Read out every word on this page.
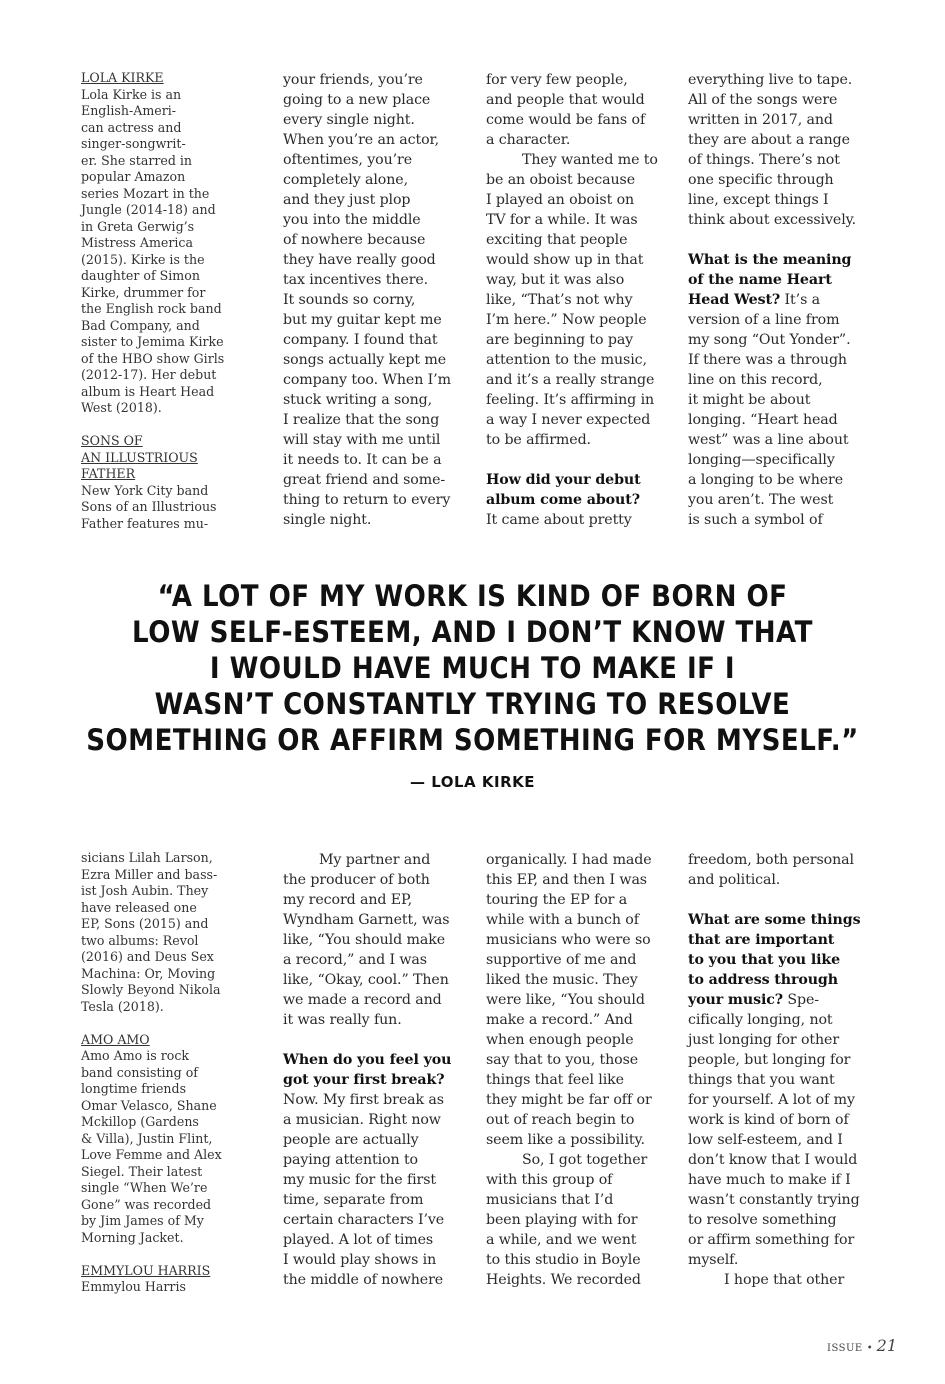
LOLA KIRKE

Lola Kirke is an

English-Ameri-

can actress and

singer-songwrit-

er. She starred in

popular Amazon

series Mozart in the

Jungle (2014-18) and

in Greta Gerwig’s

Mistress America

(2015). Kirke is the

daughter of Simon

Kirke, drummer for

the English rock band

Bad Company, and

sister to Jemima Kirke

of the HBO show Girls

(2012-17). Her debut

album is Heart Head

West (2018).

SONS OF

AN ILLUSTRIOUS

FATHER

New York City band

Sons of an Illustrious

Father features mu-

your friends, you’re

going to a new place

every single night.

When you’re an actor,

oftentimes, you’re

completely alone,

and they just plop

you into the middle

of nowhere because

they have really good

tax incentives there.

It sounds so corny,

but my guitar kept me

company. I found that

songs actually kept me

company too. When I’m

stuck writing a song,

I realize that the song

will stay with me until

it needs to. It can be a

great friend and some-

thing to return to every

single night.

for very few people,

and people that would

come would be fans of

a character.

They wanted me to

be an oboist because

I played an oboist on

TV for a while. It was

exciting that people

would show up in that

way, but it was also

like, “That’s not why

I’m here.” Now people

are beginning to pay

attention to the music,

and it’s a really strange

feeling. It’s affirming in

a way I never expected

to be affirmed.

How did your debut

album come about?

It came about pretty

everything live to tape.

All of the songs were

written in 2017, and

they are about a range

of things. There’s not

one specific through

line, except things I

think about excessively.

What is the meaning

of the name Heart

Head West? It’s a

version of a line from

my song “Out Yonder”.

If there was a through

line on this record,

it might be about

longing. “Heart head

west” was a line about

longing—specifically

a longing to be where

you aren’t. The west

is such a symbol of

“A LOT OF MY WORK IS KIND OF BORN OF

LOW SELF-ESTEEM, AND I DON’T KNOW THAT

I WOULD HAVE MUCH TO MAKE IF I

WASN’T CONSTANTLY TRYING TO RESOLVE

SOMETHING OR AFFIRM SOMETHING FOR MYSELF.”

— LOLA KIRKE

sicians Lilah Larson,

Ezra Miller and bass-

ist Josh Aubin. They

have released one

EP, Sons (2015) and

two albums: Revol

(2016) and Deus Sex

Machina: Or, Moving

Slowly Beyond Nikola

Tesla (2018).

AMO AMO

Amo Amo is rock

band consisting of

longtime friends

Omar Velasco, Shane

Mckillop (Gardens

& Villa), Justin Flint,

Love Femme and Alex

Siegel. Their latest

single “When We’re

Gone” was recorded

by Jim James of My

Morning Jacket.

EMMYLOU HARRIS

Emmylou Harris

My partner and

the producer of both

my record and EP,

Wyndham Garnett, was

like, “You should make

a record,” and I was

like, “Okay, cool.” Then

we made a record and

it was really fun.

When do you feel you

got your first break?

Now. My first break as

a musician. Right now

people are actually

paying attention to

my music for the first

time, separate from

certain characters I’ve

played. A lot of times

I would play shows in

the middle of nowhere

organically. I had made

this EP, and then I was

touring the EP for a

while with a bunch of

musicians who were so

supportive of me and

liked the music. They

were like, “You should

make a record.” And

when enough people

say that to you, those

things that feel like

they might be far off or

out of reach begin to

seem like a possibility.

So, I got together

with this group of

musicians that I’d

been playing with for

a while, and we went

to this studio in Boyle

Heights. We recorded

freedom, both personal

and political.

What are some things

that are important

to you that you like

to address through

your music? Spe-

cifically longing, not

just longing for other

people, but longing for

things that you want

for yourself. A lot of my

work is kind of born of

low self-esteem, and I

don’t know that I would

have much to make if I

wasn’t constantly trying

to resolve something

or affirm something for

myself.

I hope that other

ISSUE • 21
